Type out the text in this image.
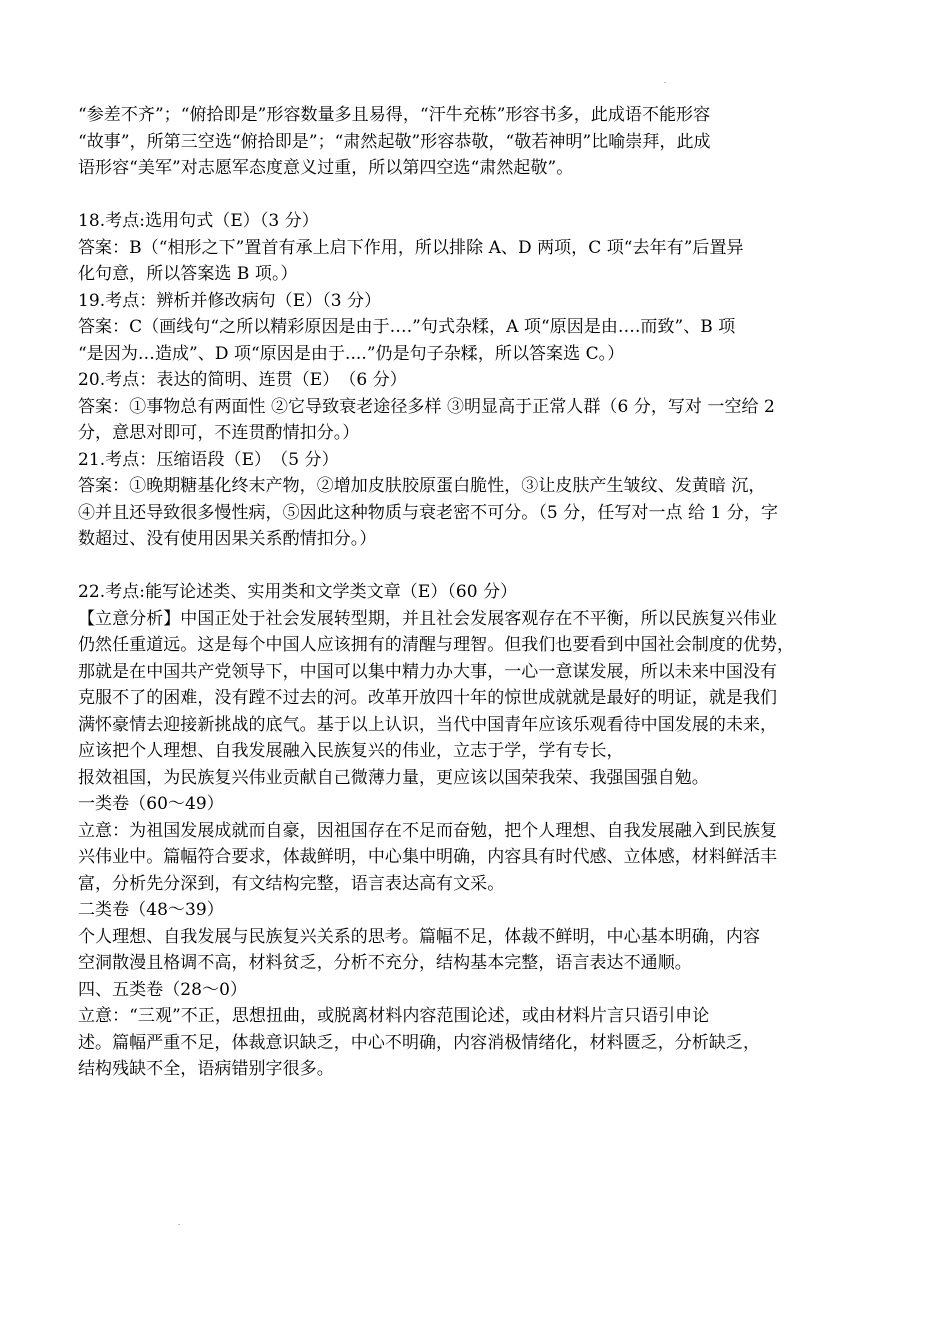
“参差不齐”；“俯拾即是”形容数量多且易得，“汗牛充栋”形容书多，此成语不能形容
“故事”，所第三空选“俯拾即是”；“肃然起敬”形容恭敬，“敬若神明”比喻崇拜，此成
语形容“美军”对志愿军态度意义过重，所以第四空选“肃然起敬”。
18.考点:选用句式（E）（3 分）
答案：B（“相形之下”置首有承上启下作用，所以排除 A、D 两项，C 项“去年有”后置异
化句意，所以答案选 B 项。）
19.考点：辨析并修改病句（E）（3 分）
答案：C（画线句“之所以精彩原因是由于….”句式杂糅，A 项“原因是由….而致”、B 项
“是因为…造成”、D 项“原因是由于....”仍是句子杂糅，所以答案选 C。）
20.考点：表达的简明、连贯（E）　（6 分）
答案：①事物总有两面性 ②它导致衰老途径多样 ③明显高于正常人群（6 分，写对 一空给 2
分，意思对即可，不连贯酌情扣分。）
21.考点：压缩语段（E）　（5 分）
答案：①晚期糖基化终末产物，②增加皮肤胶原蛋白脆性，③让皮肤产生皱纹、发黄暗 沉，
④并且还导致很多慢性病，⑤因此这种物质与衰老密不可分。（5 分，任写对一点 给 1 分，字
数超过、没有使用因果关系酌情扣分。）
22.考点:能写论述类、实用类和文学类文章（E）（60 分）
【立意分析】中国正处于社会发展转型期，并且社会发展客观存在不平衡，所以民族复兴伟业
仍然任重道远。这是每个中国人应该拥有的清醒与理智。但我们也要看到中国社会制度的优势，
那就是在中国共产党领导下，中国可以集中精力办大事，一心一意谋发展，所以未来中国没有
克服不了的困难，没有蹚不过去的河。改革开放四十年的惊世成就就是最好的明证，就是我们
满怀豪情去迎接新挑战的底气。基于以上认识，当代中国青年应该乐观看待中国发展的未来，
应该把个人理想、自我发展融入民族复兴的伟业，立志于学，学有专长，
报效祖国，为民族复兴伟业贡献自己微薄力量，更应该以国荣我荣、我强国强自勉。
一类卷（60～49）
立意：为祖国发展成就而自豪，因祖国存在不足而奋勉，把个人理想、自我发展融入到民族复
兴伟业中。篇幅符合要求，体裁鲜明，中心集中明确，内容具有时代感、立体感，材料鲜活丰
富，分析先分深到，有文结构完整，语言表达高有文采。
二类卷（48～39）
个人理想、自我发展与民族复兴关系的思考。篇幅不足，体裁不鲜明，中心基本明确，内容
空洞散漫且格调不高，材料贫乏，分析不充分，结构基本完整，语言表达不通顺。
四、五类卷（28～0）
立意：“三观”不正，思想扭曲，或脱离材料内容范围论述，或由材料片言只语引申论
述。篇幅严重不足，体裁意识缺乏，中心不明确，内容消极情绪化，材料匮乏，分析缺乏，
结构残缺不全，语病错别字很多。
